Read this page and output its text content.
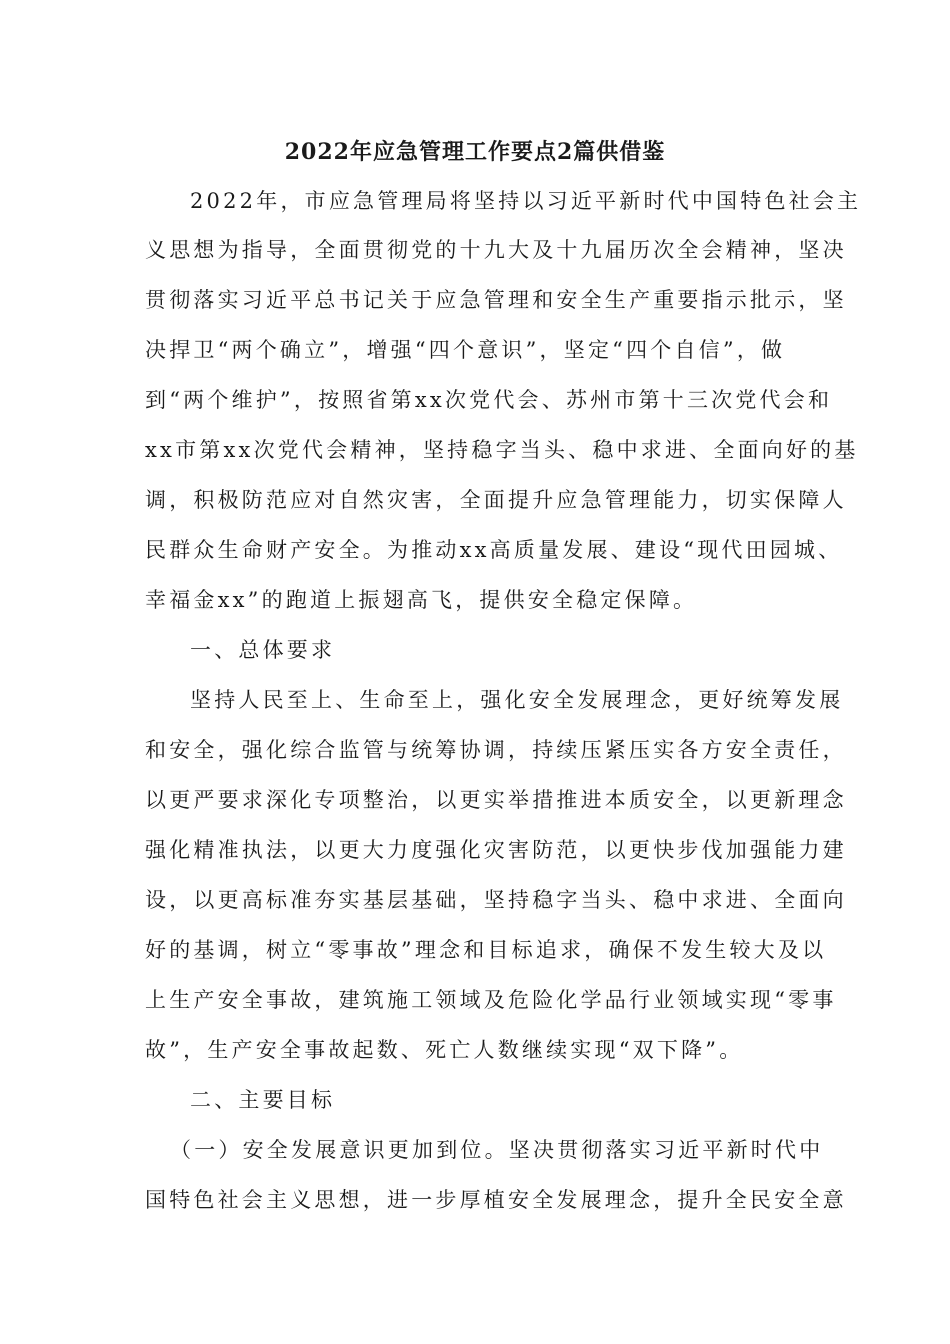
2022年应急管理工作要点2篇供借鉴
2022年，市应急管理局将坚持以习近平新时代中国特色社会主
义思想为指导，全面贯彻党的十九大及十九届历次全会精神，坚决
贯彻落实习近平总书记关于应急管理和安全生产重要指示批示，坚
决捍卫“两个确立”，增强“四个意识”，坚定“四个自信”，做
到“两个维护”，按照省第xx次党代会、苏州市第十三次党代会和
xx市第xx次党代会精神，坚持稳字当头、稳中求进、全面向好的基
调，积极防范应对自然灾害，全面提升应急管理能力，切实保障人
民群众生命财产安全。为推动xx高质量发展、建设“现代田园城、
幸福金xx”的跑道上振翅高飞，提供安全稳定保障。
一、总体要求
坚持人民至上、生命至上，强化安全发展理念，更好统筹发展
和安全，强化综合监管与统筹协调，持续压紧压实各方安全责任，
以更严要求深化专项整治，以更实举措推进本质安全，以更新理念
强化精准执法，以更大力度强化灾害防范，以更快步伐加强能力建
设，以更高标准夯实基层基础，坚持稳字当头、稳中求进、全面向
好的基调，树立“零事故”理念和目标追求，确保不发生较大及以
上生产安全事故，建筑施工领域及危险化学品行业领域实现“零事
故”，生产安全事故起数、死亡人数继续实现“双下降”。
二、主要目标
（一）安全发展意识更加到位。坚决贯彻落实习近平新时代中
国特色社会主义思想，进一步厚植安全发展理念，提升全民安全意
